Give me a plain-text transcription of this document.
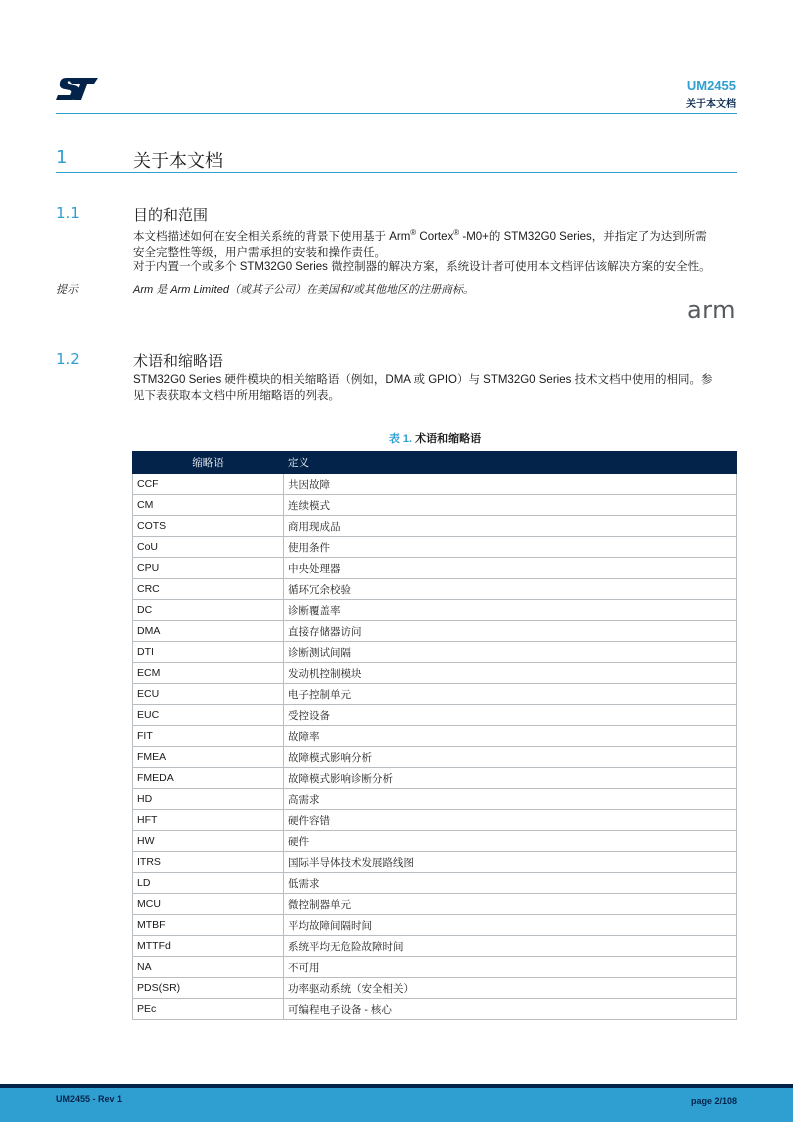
UM2455
关于本文档
1	关于本文档
1.1	目的和范围
本文档描述如何在安全相关系统的背景下使用基于 Arm® Cortex® -M0+的 STM32G0 Series，并指定了为达到所需
安全完整性等级，用户需承担的安装和操作责任。
对于内置一个或多个 STM32G0 Series 微控制器的解决方案，系统设计者可使用本文档评估该解决方案的安全性。
提示	Arm 是 Arm Limited（或其子公司）在美国和/或其他地区的注册商标。
arm
1.2	术语和缩略语
STM32G0 Series 硬件模块的相关缩略语（例如，DMA 或 GPIO）与 STM32G0 Series 技术文档中使用的相同。参
见下表获取本文档中所用缩略语的列表。
表 1. 术语和缩略语
缩略语	定义
CCF	共因故障
CM	连续模式
COTS	商用现成品
CoU	使用条件
CPU	中央处理器
CRC	循环冗余校验
DC	诊断覆盖率
DMA	直接存储器访问
DTI	诊断测试间隔
ECM	发动机控制模块
ECU	电子控制单元
EUC	受控设备
FIT	故障率
FMEA	故障模式影响分析
FMEDA	故障模式影响诊断分析
HD	高需求
HFT	硬件容错
HW	硬件
ITRS	国际半导体技术发展路线图
LD	低需求
MCU	微控制器单元
MTBF	平均故障间隔时间
MTTFd	系统平均无危险故障时间
NA	不可用
PDS(SR)	功率驱动系统（安全相关）
PEc	可编程电子设备 - 核心
UM2455 - Rev 1	page 2/108
